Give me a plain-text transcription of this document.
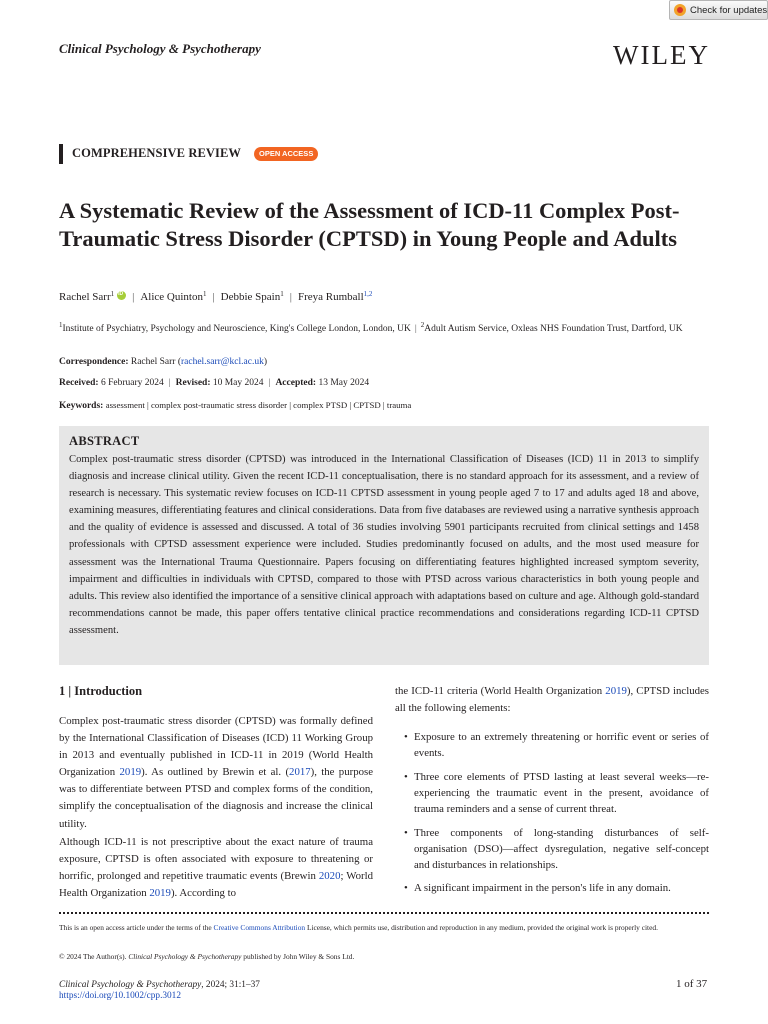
Check for updates
Clinical Psychology & Psychotherapy	WILEY
COMPREHENSIVE REVIEW	OPEN ACCESS
A Systematic Review of the Assessment of ICD-11 Complex Post-Traumatic Stress Disorder (CPTSD) in Young People and Adults
Rachel Sarr$^1$iD | Alice Quinton$^1$ | Debbie Spain$^1$ | Freya Rumball$^{1,2}$
$^1$Institute of Psychiatry, Psychology and Neuroscience, King's College London, London, UK | $^2$Adult Autism Service, Oxleas NHS Foundation Trust, Dartford, UK
Correspondence: Rachel Sarr (rachel.sarr@kcl.ac.uk)
Received: 6 February 2024 | Revised: 10 May 2024 | Accepted: 13 May 2024
Keywords: assessment | complex post-traumatic stress disorder | complex PTSD | CPTSD | trauma
ABSTRACT
Complex post-traumatic stress disorder (CPTSD) was introduced in the International Classification of Diseases (ICD) 11 in 2013 to simplify diagnosis and increase clinical utility. Given the recent ICD-11 conceptualisation, there is no standard approach for its assessment, and a review of research is necessary. This systematic review focuses on ICD-11 CPTSD assessment in young people aged 7 to 17 and adults aged 18 and above, examining measures, differentiating features and clinical considerations. Data from five databases are reviewed using a narrative synthesis approach and the quality of evidence is assessed and discussed. A total of 36 studies involving 5901 participants recruited from clinical settings and 1458 professionals with CPTSD assessment experience were included. Studies predominantly focused on adults, and the most used measure for assessment was the International Trauma Questionnaire. Papers focusing on differentiating features highlighted increased symptom severity, impairment and difficulties in individuals with CPTSD, compared to those with PTSD across various characteristics in both young people and adults. This review also identified the importance of a sensitive clinical approach with adaptations based on culture and age. Although gold-standard recommendations cannot be made, this paper offers tentative clinical practice recommendations and considerations regarding ICD-11 CPTSD assessment.
1 | Introduction
Complex post-traumatic stress disorder (CPTSD) was formally defined by the International Classification of Diseases (ICD) 11 Working Group in 2013 and eventually published in ICD-11 in 2019 (World Health Organization 2019). As outlined by Brewin et al. (2017), the purpose was to differentiate between PTSD and complex forms of the condition, simplify the conceptualisation of the diagnosis and increase the clinical utility.
Although ICD-11 is not prescriptive about the exact nature of trauma exposure, CPTSD is often associated with exposure to threatening or horrific, prolonged and repetitive traumatic events (Brewin 2020; World Health Organization 2019). According to
the ICD-11 criteria (World Health Organization 2019), CPTSD includes all the following elements:
• Exposure to an extremely threatening or horrific event or series of events.
• Three core elements of PTSD lasting at least several weeks—re-experiencing the traumatic event in the present, avoidance of trauma reminders and a sense of current threat.
• Three components of long-standing disturbances of self-organisation (DSO)—affect dysregulation, negative self-concept and disturbances in relationships.
• A significant impairment in the person's life in any domain.
This is an open access article under the terms of the Creative Commons Attribution License, which permits use, distribution and reproduction in any medium, provided the original work is properly cited.
© 2024 The Author(s). Clinical Psychology & Psychotherapy published by John Wiley & Sons Ltd.
Clinical Psychology & Psychotherapy, 2024; 31:1–37
https://doi.org/10.1002/cpp.3012
1 of 37
